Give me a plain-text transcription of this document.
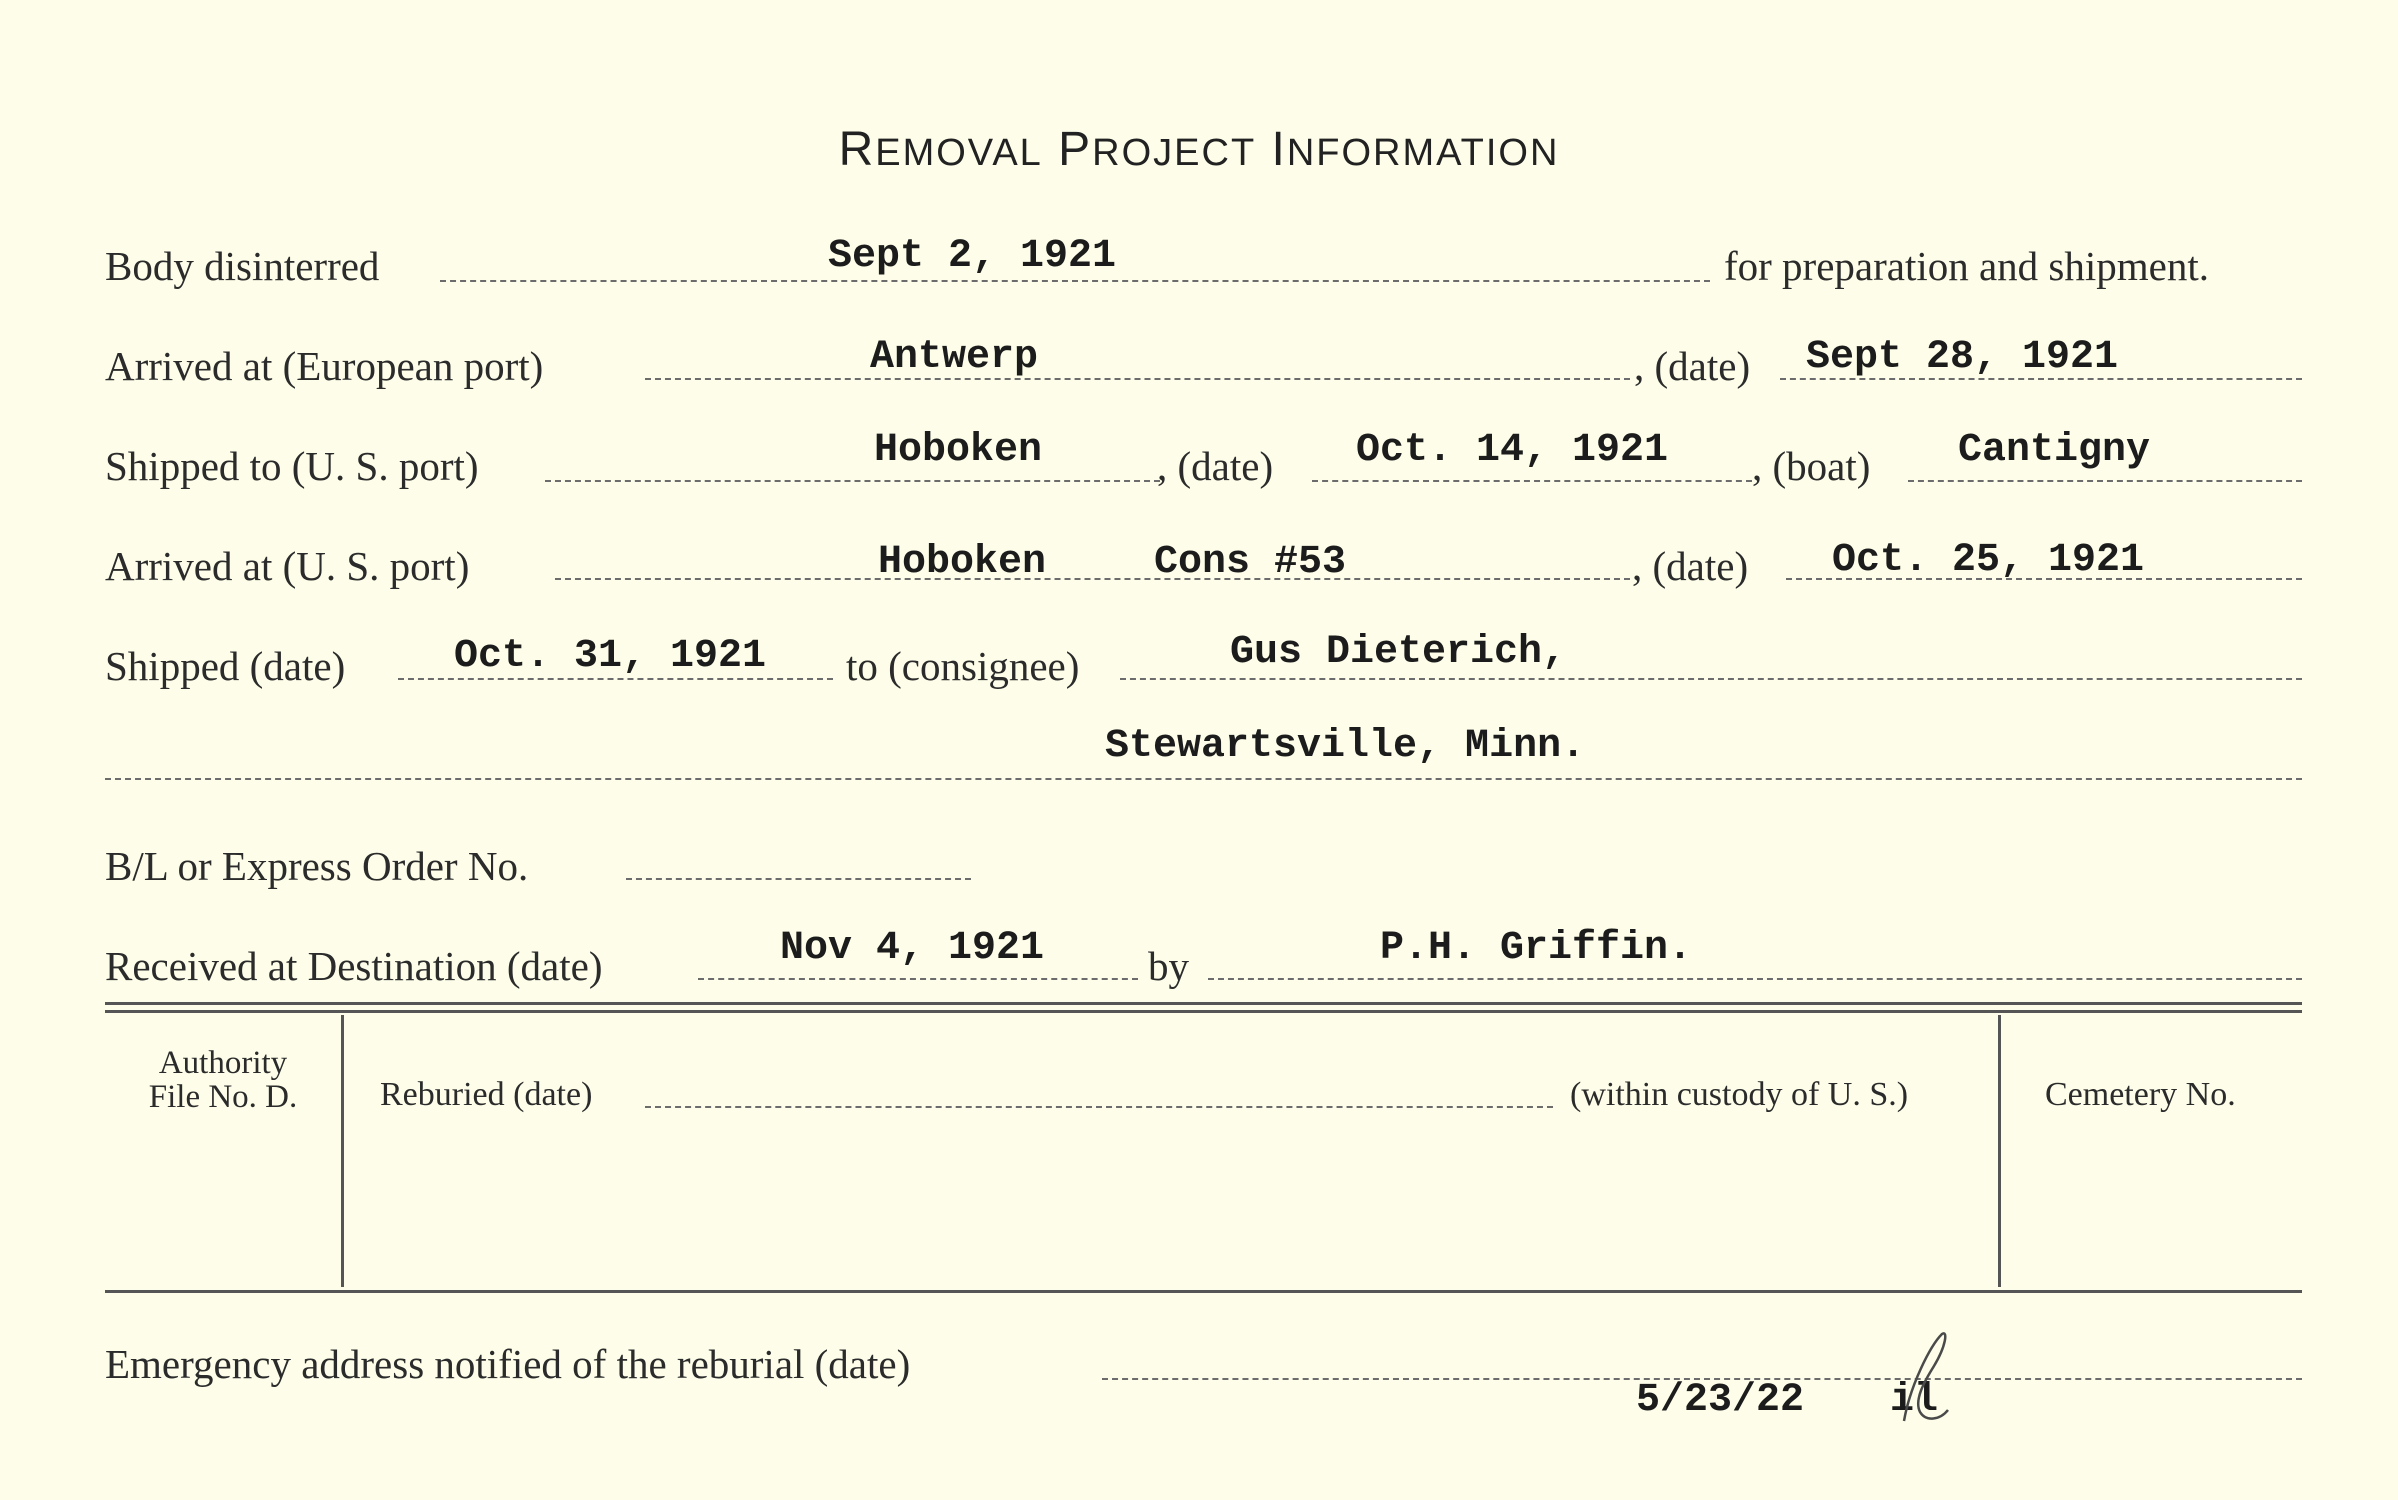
REMOVAL PROJECT INFORMATION
Body disinterred	Sept 2, 1921	for preparation and shipment.
Arrived at (European port)	Antwerp	, (date) Sept 28, 1921
Shipped to (U. S. port)	Hoboken	, (date) Oct. 14, 1921 , (boat) Cantigny
Arrived at (U. S. port)	Hoboken	Cons #53	, (date) Oct. 25, 1921
Shipped (date)	Oct. 31, 1921 to (consignee)	Gus Dieterich,
Stewartsville, Minn.
B/L or Express Order No.
Received at Destination (date)	Nov 4, 1921	by	P.H. Griffin.
Authority
File No. D.	Reburied (date)	(within custody of U. S.)	Cemetery No.
Emergency address notified of the reburial (date)
5/23/22 il
